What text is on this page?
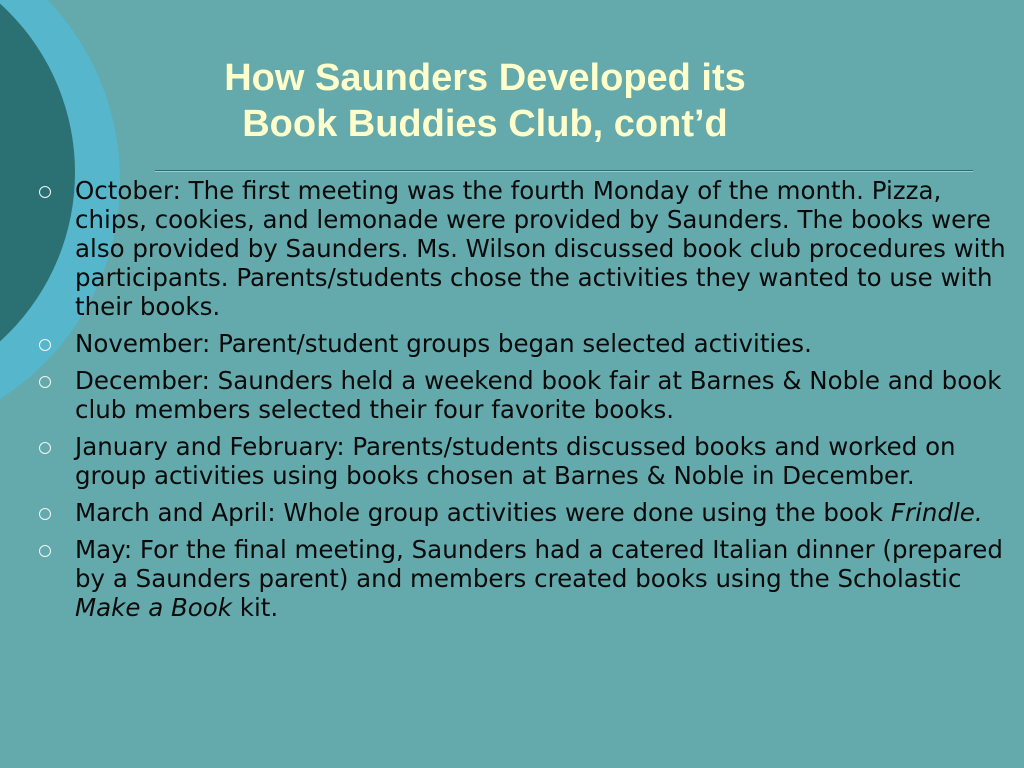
How Saunders Developed its
Book Buddies Club, cont’d
October: The first meeting was the fourth Monday of the month. Pizza, chips, cookies, and lemonade were provided by Saunders. The books were also provided by Saunders. Ms. Wilson discussed book club procedures with participants. Parents/students chose the activities they wanted to use with their books.
November: Parent/student groups began selected activities.
December: Saunders held a weekend book fair at Barnes & Noble and book club members selected their four favorite books.
January and February: Parents/students discussed books and worked on group activities using books chosen at Barnes & Noble in December.
March and April: Whole group activities were done using the book Frindle.
May: For the final meeting, Saunders had a catered Italian dinner (prepared by a Saunders parent) and members created books using the Scholastic Make a Book kit.
